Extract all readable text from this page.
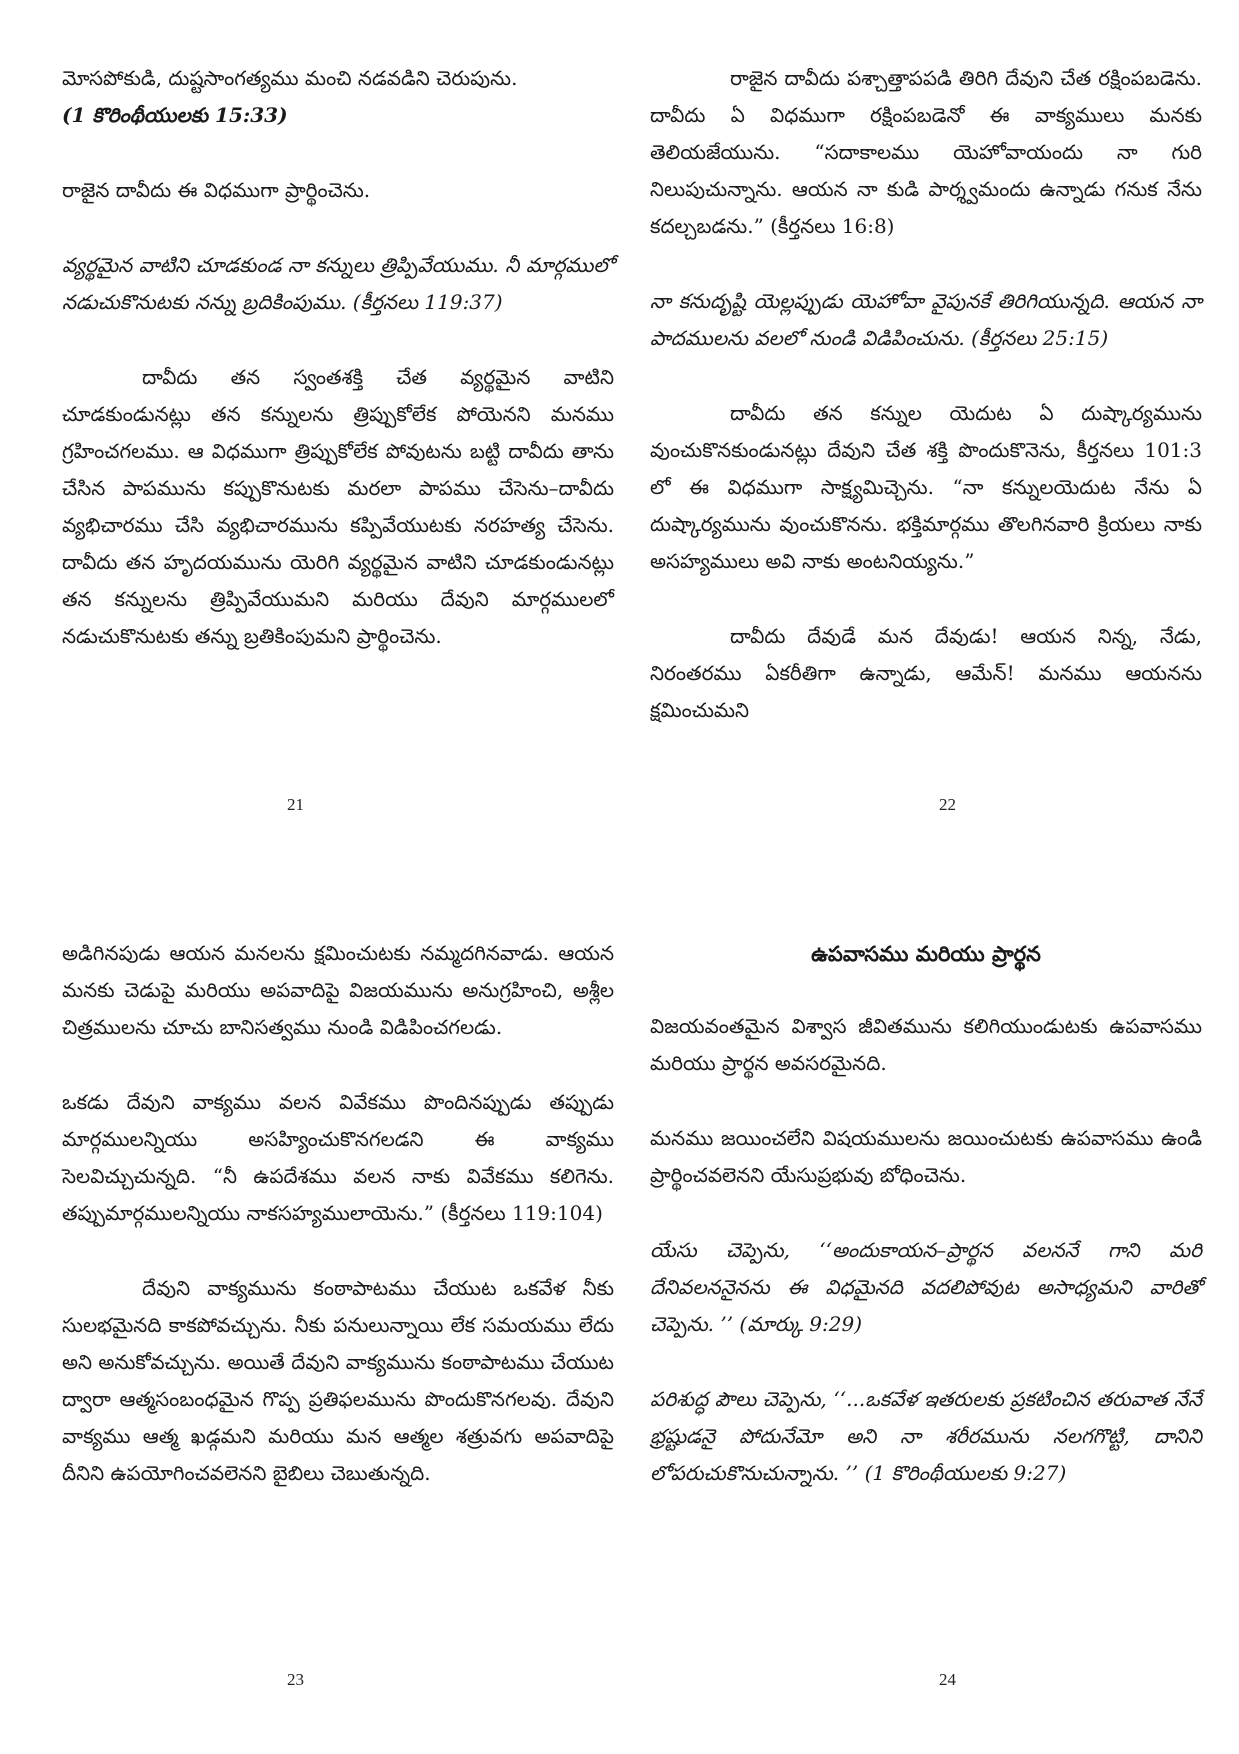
మోసపోకుడి, దుష్టసాంగత్యము మంచి నడవడిని చెరుపును.

(1 కొరింథీయులకు 15:33)

రాజైన దావీదు ఈ విధముగా ప్రార్థించెను.

వ్యర్థమైన వాటిని చూడకుండ నా కన్నులు త్రిప్పివేయుము. నీ మార్గములో నడుచుకొనుటకు నన్ను బ్రదికింపుము. (కీర్తనలు 119:37)

దావీదు తన స్వంతశక్తి చేత వ్యర్థమైన వాటిని చూడకుండునట్లు తన కన్నులను త్రిప్పుకోలేక పోయెనని మనము గ్రహించగలము. ఆ విధముగా త్రిప్పుకోలేక పోవుటను బట్టి దావీదు తాను చేసిన పాపమును కప్పుకొనుటకు మరలా పాపము చేసెను–దావీదు వ్యభిచారము చేసి వ్యభిచారమును కప్పివేయుటకు నరహత్య చేసెను. దావీదు తన హృదయమును యెరిగి వ్యర్థమైన వాటిని చూడకుండునట్లు తన కన్నులను త్రిప్పివేయుమని మరియు దేవుని మార్గములలో నడుచుకొనుటకు తన్ను బ్రతికింపుమని ప్రార్థించెను.

21

రాజైన దావీదు పశ్చాత్తాపపడి తిరిగి దేవుని చేత రక్షింపబడెను. దావీదు ఏ విధముగా రక్షింపబడెనో ఈ వాక్యములు మనకు తెలియజేయును. “సదాకాలము యెహోవాయందు నా గురి నిలుపుచున్నాను. ఆయన నా కుడి పార్శ్వమందు ఉన్నాడు గనుక నేను కదల్చబడను.” (కీర్తనలు 16:8)

నా కనుదృష్టి యెల్లప్పుడు యెహోవా వైపునకే తిరిగియున్నది. ఆయన నా పాదములను వలలో నుండి విడిపించును. (కీర్తనలు 25:15)

దావీదు తన కన్నుల యెదుట ఏ దుష్కార్యమును వుంచుకొనకుండునట్లు దేవుని చేత శక్తి పొందుకొనెను, కీర్తనలు 101:3 లో ఈ విధముగా సాక్ష్యమిచ్చెను. “నా కన్నులయెదుట నేను ఏ దుష్కార్యమును వుంచుకొనను. భక్తిమార్గము తొలగినవారి క్రియలు నాకు అసహ్యములు అవి నాకు అంటనియ్యను.”

దావీదు దేవుడే మన దేవుడు! ఆయన నిన్న, నేడు, నిరంతరము ఏకరీతిగా ఉన్నాడు, ఆమేన్! మనము ఆయనను క్షమించుమని

22

అడిగినపుడు ఆయన మనలను క్షమించుటకు నమ్మదగినవాడు. ఆయన మనకు చెడుపై మరియు అపవాదిపై విజయమును అనుగ్రహించి, అశ్లీల చిత్రములను చూచు బానిసత్వము నుండి విడిపించగలడు.

ఒకడు దేవుని వాక్యము వలన వివేకము పొందినప్పుడు తప్పుడు మార్గములన్నియు అసహ్యించుకొనగలడని ఈ వాక్యము సెలవిచ్చుచున్నది. “నీ ఉపదేశము వలన నాకు వివేకము కలిగెను. తప్పుమార్గములన్నియు నాకసహ్యములాయెను.” (కీర్తనలు 119:104)

దేవుని వాక్యమును కంఠాపాటము చేయుట ఒకవేళ నీకు సులభమైనది కాకపోవచ్చును. నీకు పనులున్నాయి లేక సమయము లేదు అని అనుకోవచ్చును. అయితే దేవుని వాక్యమును కంఠాపాటము చేయుట ద్వారా ఆత్మసంబంధమైన గొప్ప ప్రతిఫలమును పొందుకొనగలవు. దేవుని వాక్యము ఆత్మ ఖడ్గమని మరియు మన ఆత్మల శత్రువగు అపవాదిపై దీనిని ఉపయోగించవలెనని బైబిలు చెబుతున్నది.

23
ఉపవాసము మరియు ప్రార్థన

విజయవంతమైన విశ్వాస జీవితమును కలిగియుండుటకు ఉపవాసము మరియు ప్రార్థన అవసరమైనది.

మనము జయించలేని విషయములను జయించుటకు ఉపవాసము ఉండి ప్రార్థించవలెనని యేసుప్రభువు బోధించెను.

యేసు చెప్పెను, ‘‘అందుకాయన–ప్రార్థన వలననే గాని మరి దేనివలననైనను ఈ విధమైనది వదలిపోవుట అసాధ్యమని వారితో చెప్పెను. ’’ (మార్కు 9:29)

పరిశుద్ధ పౌలు చెప్పెను, ‘‘...ఒకవేళ ఇతరులకు ప్రకటించిన తరువాత నేనే భ్రష్టుడనై పోదునేమో అని నా శరీరమును నలగగొట్టి, దానిని లోపరుచుకొనుచున్నాను. ’’ (1 కొరింథీయులకు 9:27)

24
